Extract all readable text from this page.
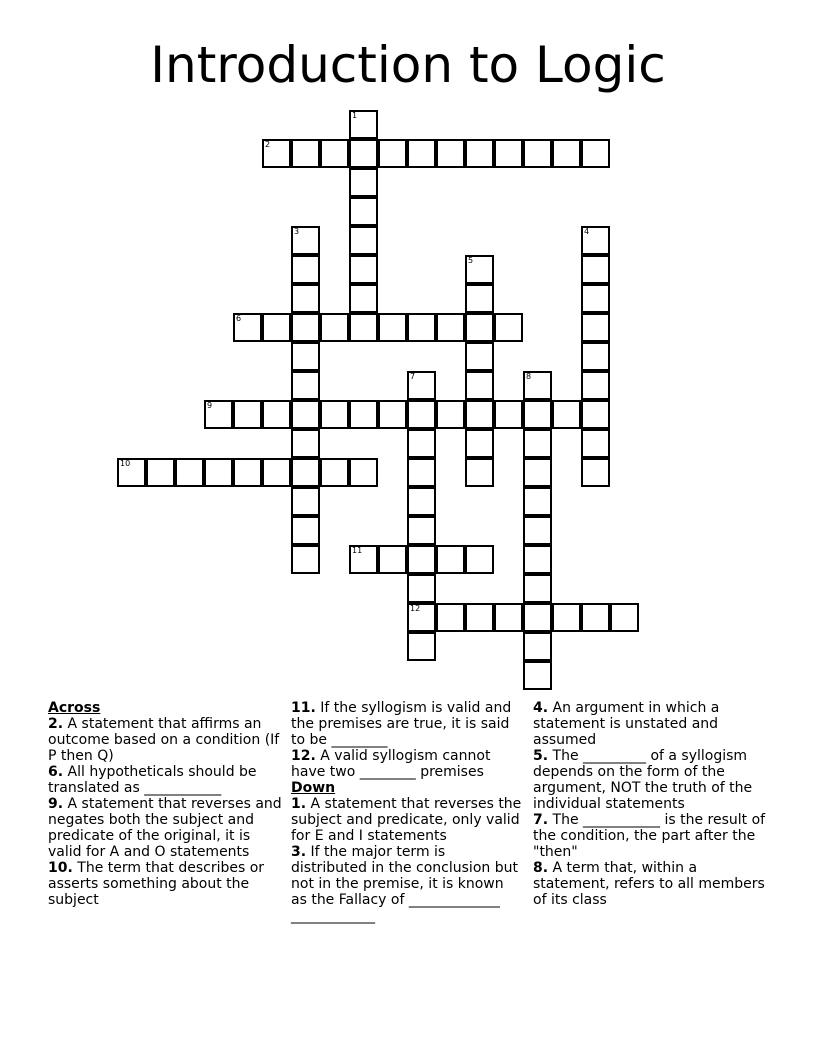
Introduction to Logic
2
6
9
10
11
12
1
3	4
5
7	8
Across
2. A statement that affirms an outcome based on a condition (If P then Q)
6. All hypotheticals should be translated as ___________
9. A statement that reverses and negates both the subject and predicate of the original, it is valid for A and O statements
10. The term that describes or asserts something about the subject
11. If the syllogism is valid and the premises are true, it is said to be ________
12. A valid syllogism cannot have two ________ premises
Down
1. A statement that reverses the subject and predicate, only valid for E and I statements
3. If the major term is distributed in the conclusion but not in the premise, it is known as the Fallacy of _____________ ____________
4. An argument in which a statement is unstated and assumed
5. The _________ of a syllogism depends on the form of the argument, NOT the truth of the individual statements
7. The ___________ is the result of the condition, the part after the "then"
8. A term that, within a statement, refers to all members of its class
